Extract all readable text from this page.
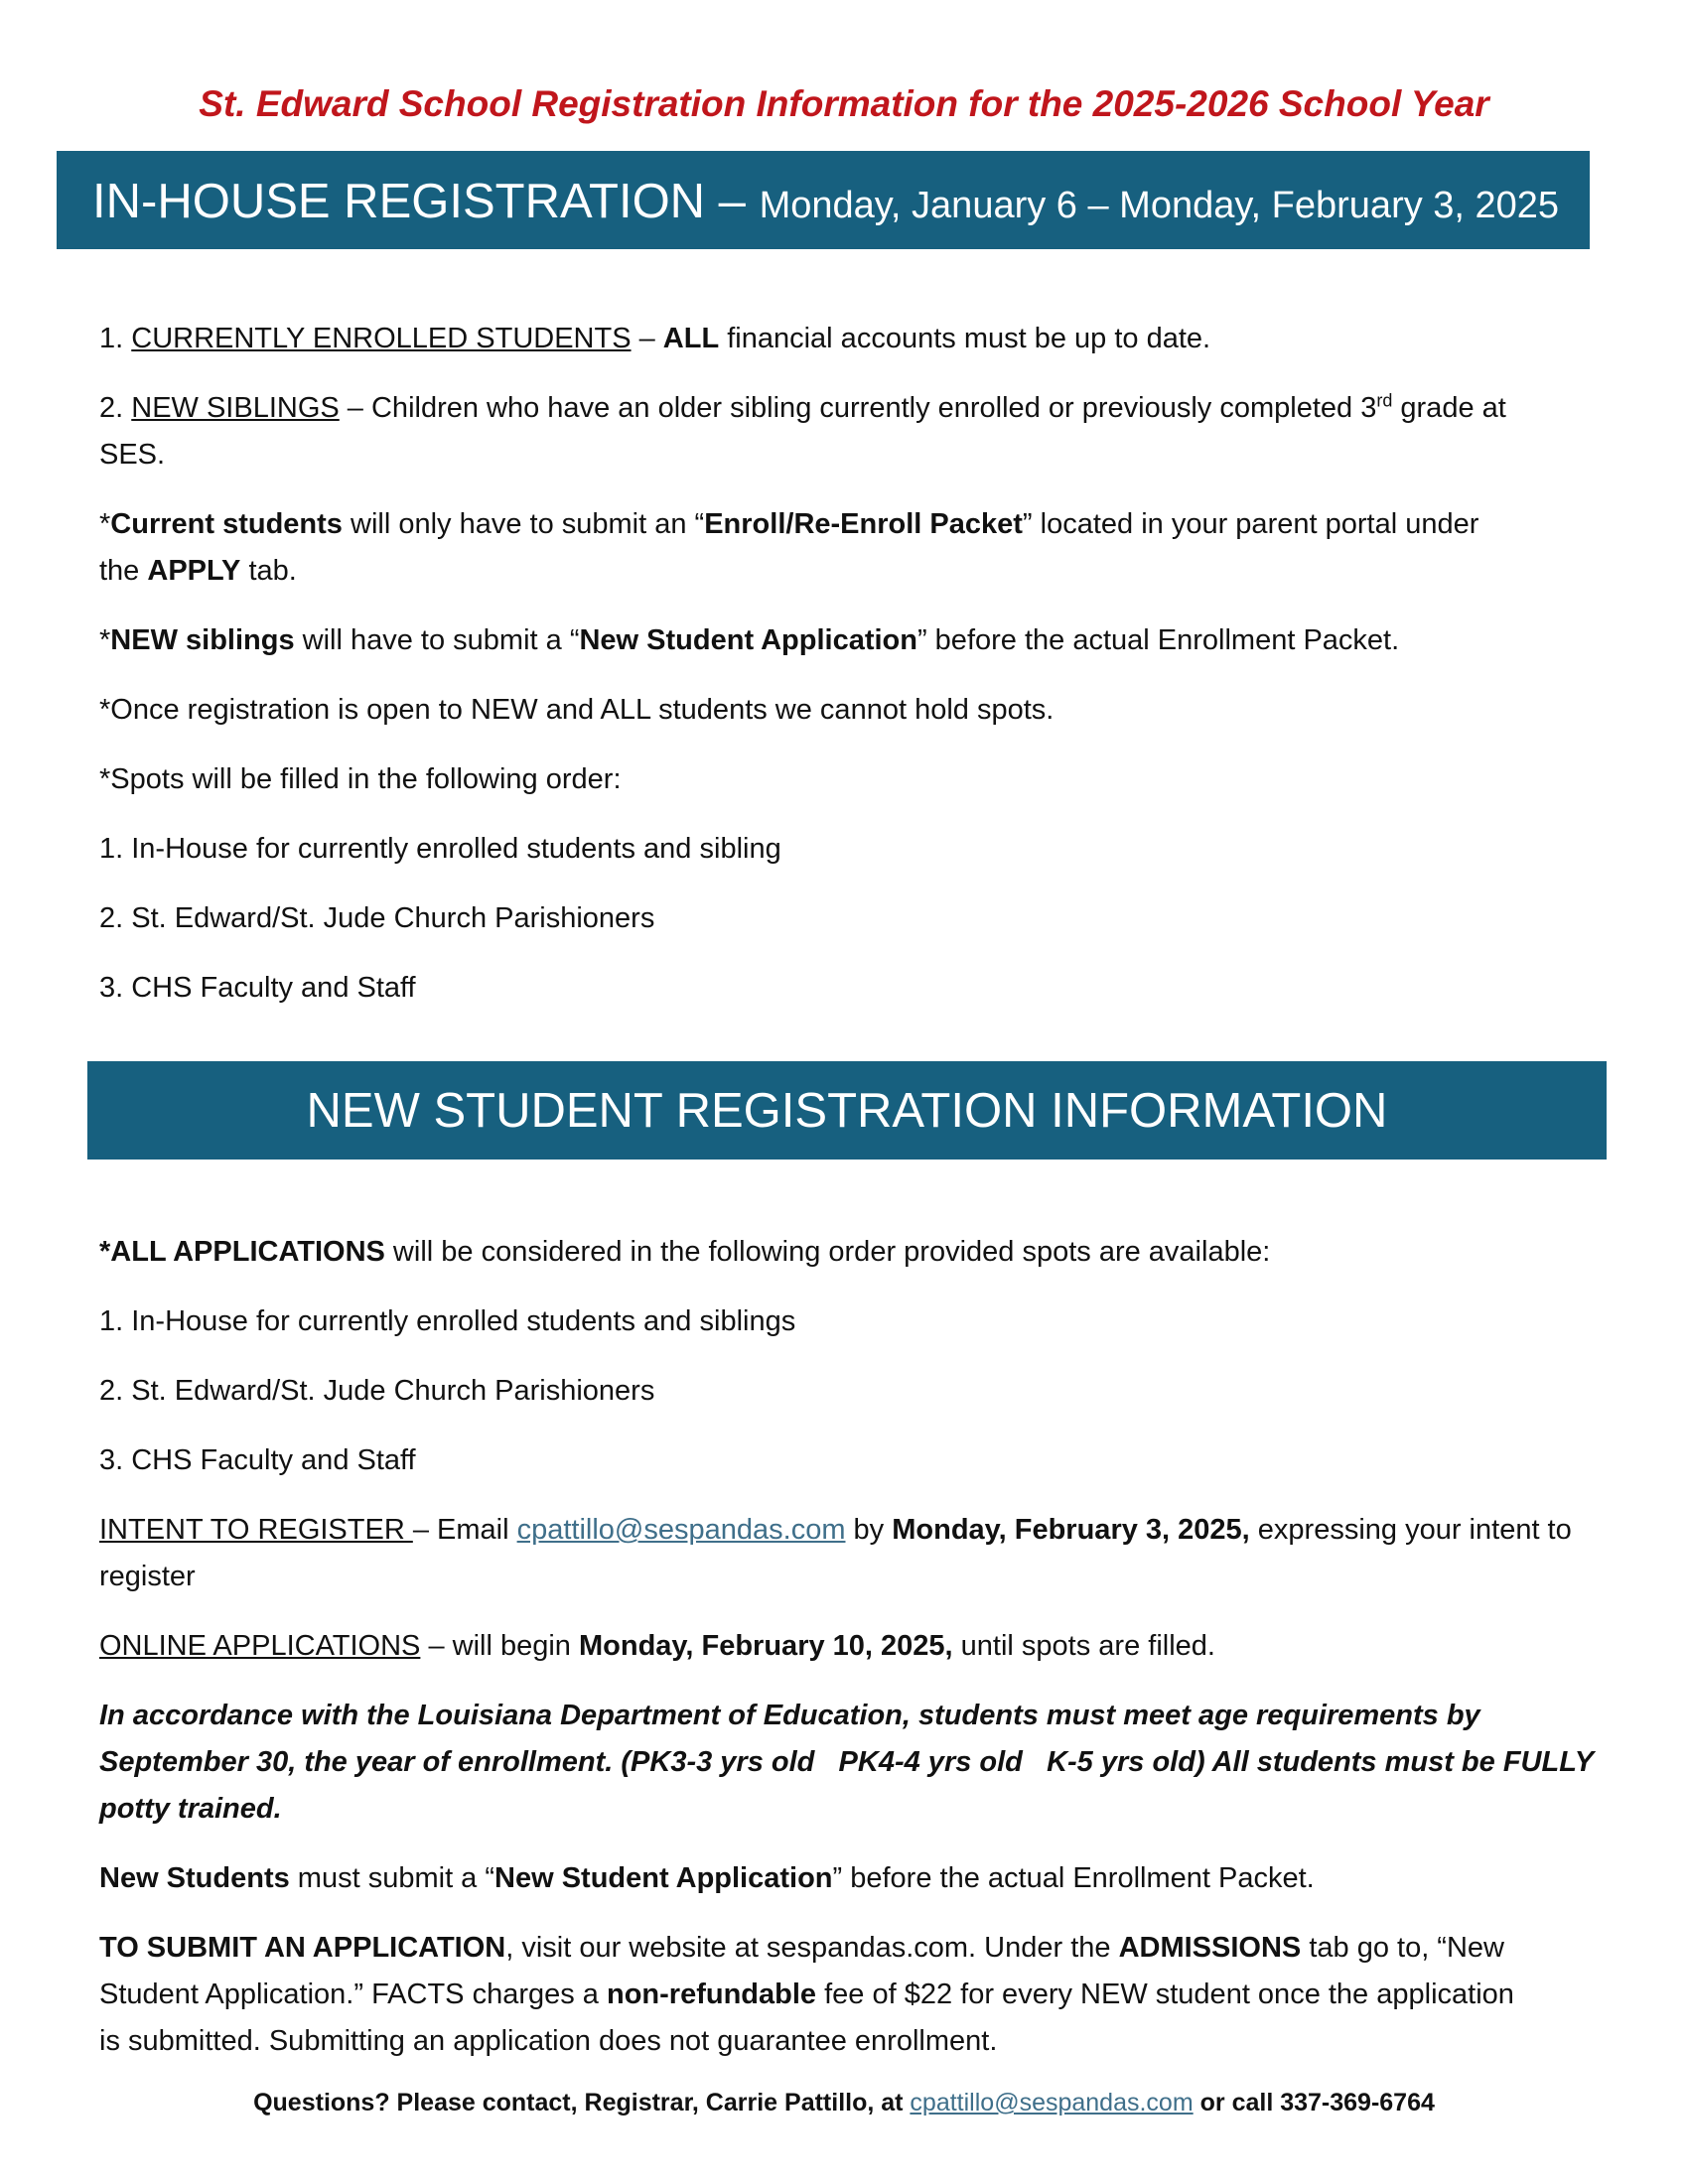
St. Edward School Registration Information for the 2025-2026 School Year
IN-HOUSE REGISTRATION – Monday, January 6 – Monday, February 3, 2025
1. CURRENTLY ENROLLED STUDENTS – ALL financial accounts must be up to date.
2. NEW SIBLINGS – Children who have an older sibling currently enrolled or previously completed 3rd grade at
SES.
*Current students will only have to submit an “Enroll/Re-Enroll Packet” located in your parent portal under
the APPLY tab.
*NEW siblings will have to submit a “New Student Application” before the actual Enrollment Packet.
*Once registration is open to NEW and ALL students we cannot hold spots.
*Spots will be filled in the following order:
1. In-House for currently enrolled students and sibling
2. St. Edward/St. Jude Church Parishioners
3. CHS Faculty and Staff
NEW STUDENT REGISTRATION INFORMATION
*ALL APPLICATIONS will be considered in the following order provided spots are available:
1. In-House for currently enrolled students and siblings
2. St. Edward/St. Jude Church Parishioners
3. CHS Faculty and Staff
INTENT TO REGISTER – Email cpattillo@sespandas.com by Monday, February 3, 2025, expressing your intent to
register
ONLINE APPLICATIONS – will begin Monday, February 10, 2025, until spots are filled.
In accordance with the Louisiana Department of Education, students must meet age requirements by
September 30, the year of enrollment. (PK3-3 yrs old   PK4-4 yrs old   K-5 yrs old) All students must be FULLY
potty trained.
New Students must submit a “New Student Application” before the actual Enrollment Packet.
TO SUBMIT AN APPLICATION, visit our website at sespandas.com. Under the ADMISSIONS tab go to, “New
Student Application.” FACTS charges a non-refundable fee of $22 for every NEW student once the application
is submitted. Submitting an application does not guarantee enrollment.
Questions? Please contact, Registrar, Carrie Pattillo, at cpattillo@sespandas.com or call 337-369-6764
